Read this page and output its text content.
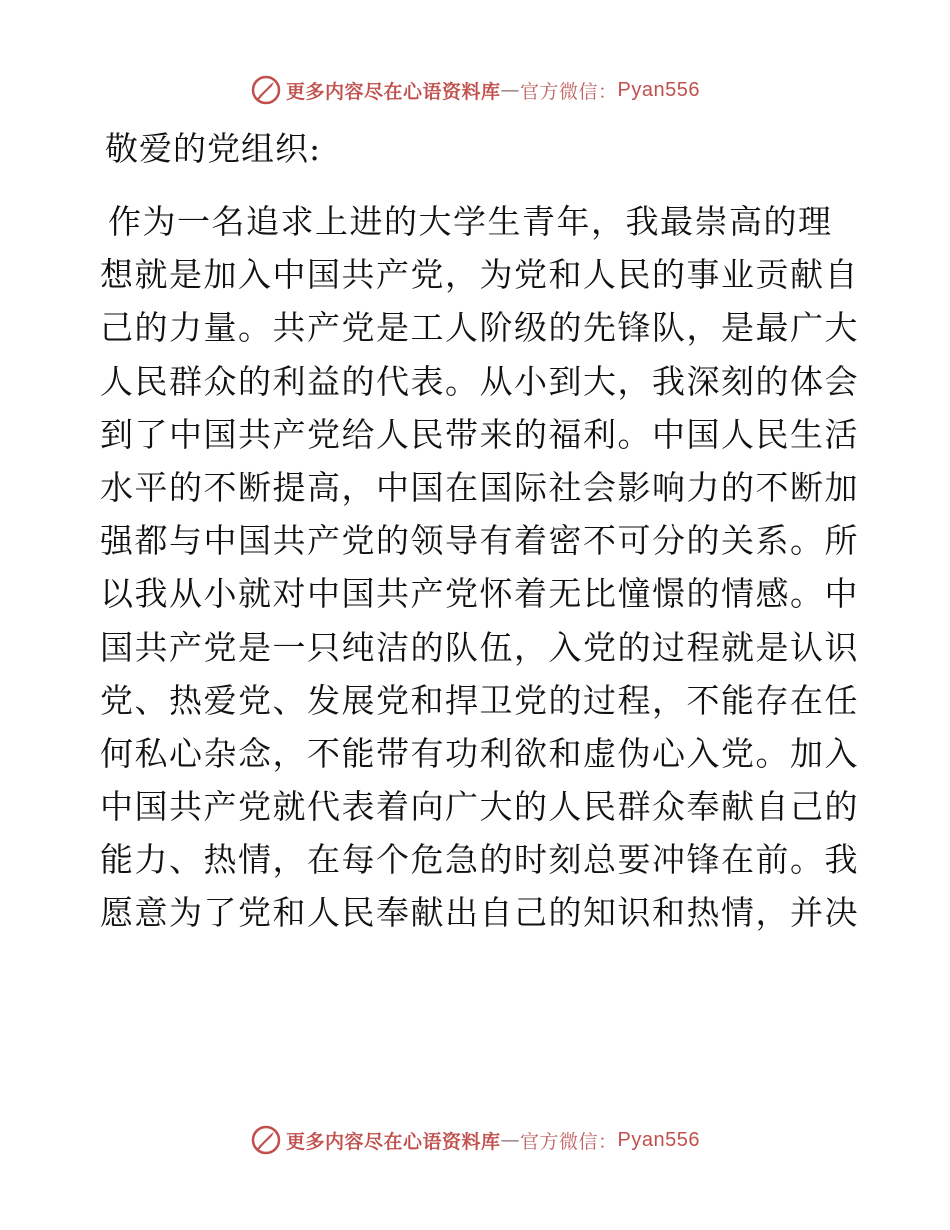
更多内容尽在心语资料库 — 官方微信： Pyan556
敬爱的党组织:
作为一名追求上进的大学生青年，我最崇高的理
想就是加入中国共产党，为党和人民的事业贡献自
己的力量。共产党是工人阶级的先锋队，是最广大
人民群众的利益的代表。从小到大，我深刻的体会
到了中国共产党给人民带来的福利。中国人民生活
水平的不断提高，中国在国际社会影响力的不断加
强都与中国共产党的领导有着密不可分的关系。所
以我从小就对中国共产党怀着无比憧憬的情感。中
国共产党是一只纯洁的队伍，入党的过程就是认识
党、热爱党、发展党和捍卫党的过程，不能存在任
何私心杂念，不能带有功利欲和虚伪心入党。加入
中国共产党就代表着向广大的人民群众奉献自己的
能力、热情，在每个危急的时刻总要冲锋在前。我
愿意为了党和人民奉献出自己的知识和热情，并决
更多内容尽在心语资料库 — 官方微信： Pyan556
